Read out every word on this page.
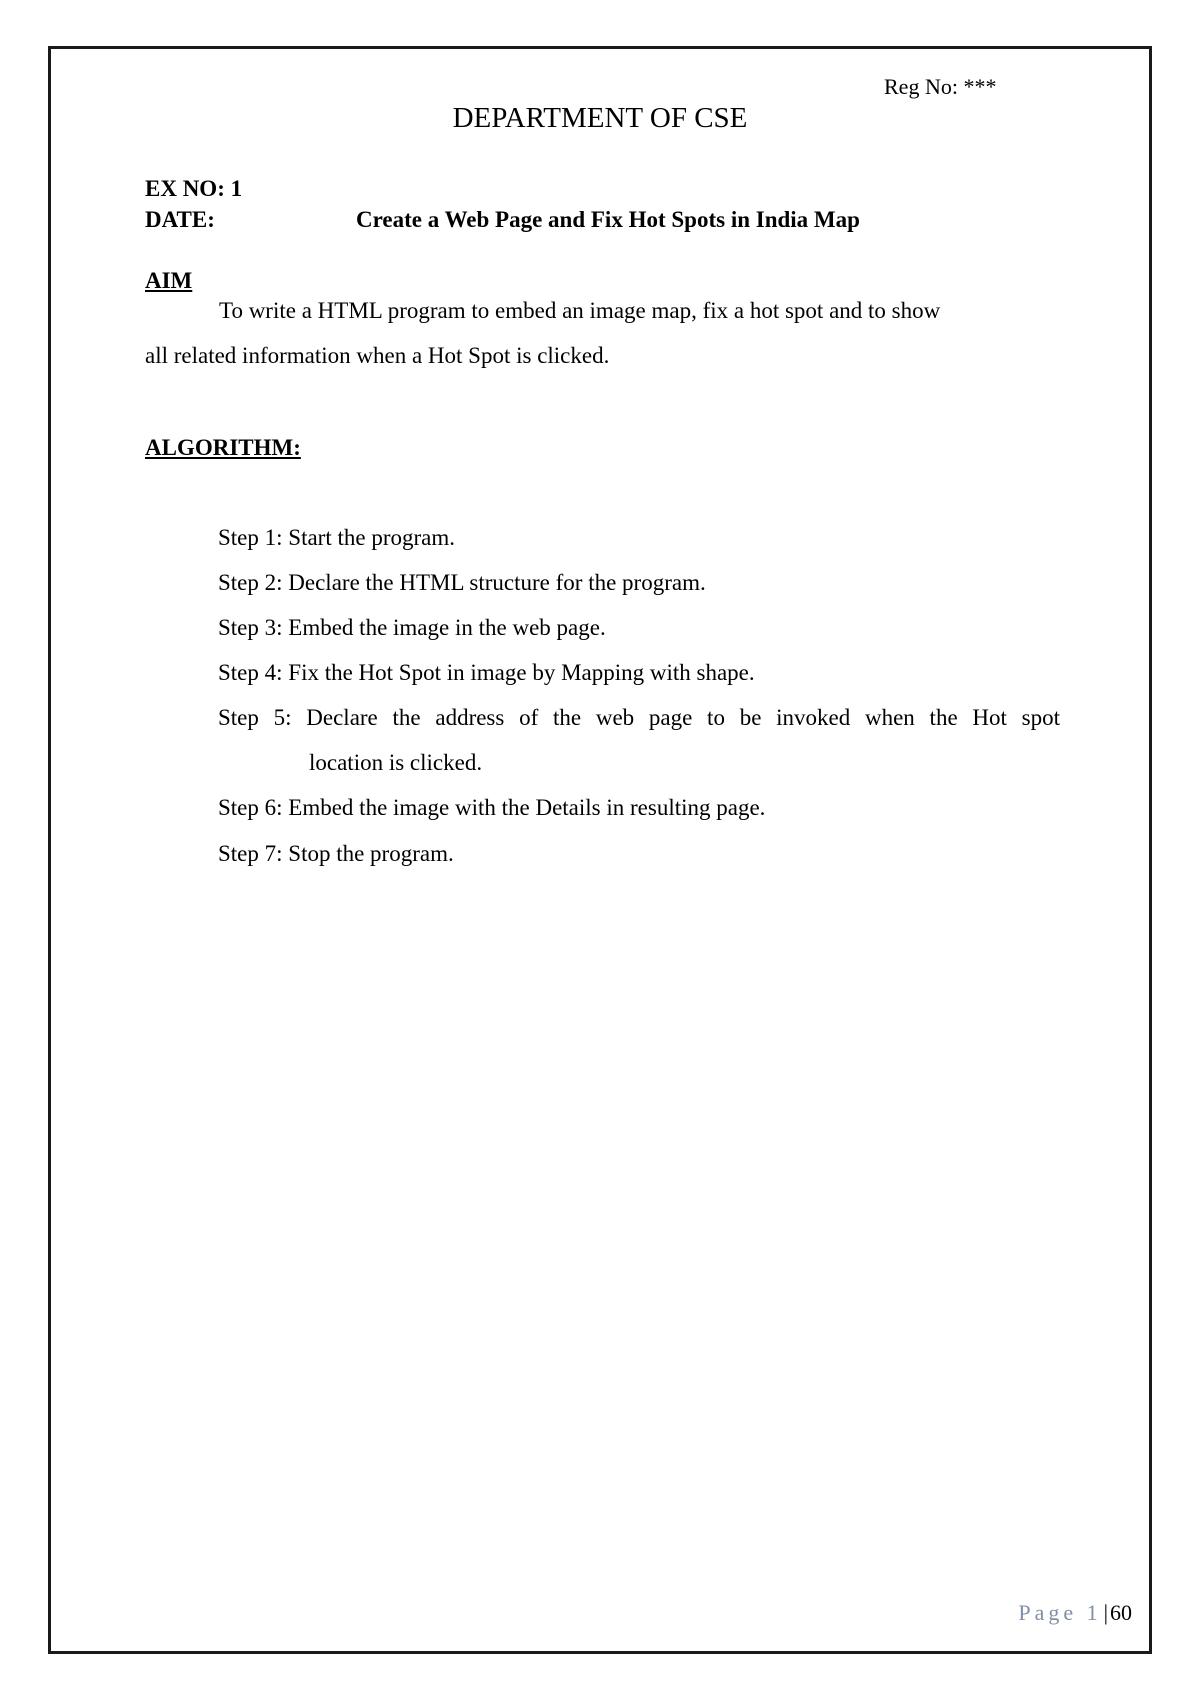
Reg No: ***
DEPARTMENT OF CSE
EX NO: 1
DATE:	Create a Web Page and Fix Hot Spots in India Map
AIM
To write a HTML program to embed an image map, fix a hot spot and to show
all related information when a Hot Spot is clicked.
ALGORITHM:
Step 1: Start the program.
Step 2: Declare the HTML structure for the program.
Step 3: Embed the image in the web page.
Step 4: Fix the Hot Spot in image by Mapping with shape.
Step 5: Declare the address of the web page to be invoked when the Hot spot
location is clicked.
Step 6: Embed the image with the Details in resulting page.
Step 7: Stop the program.
Page 1|60
